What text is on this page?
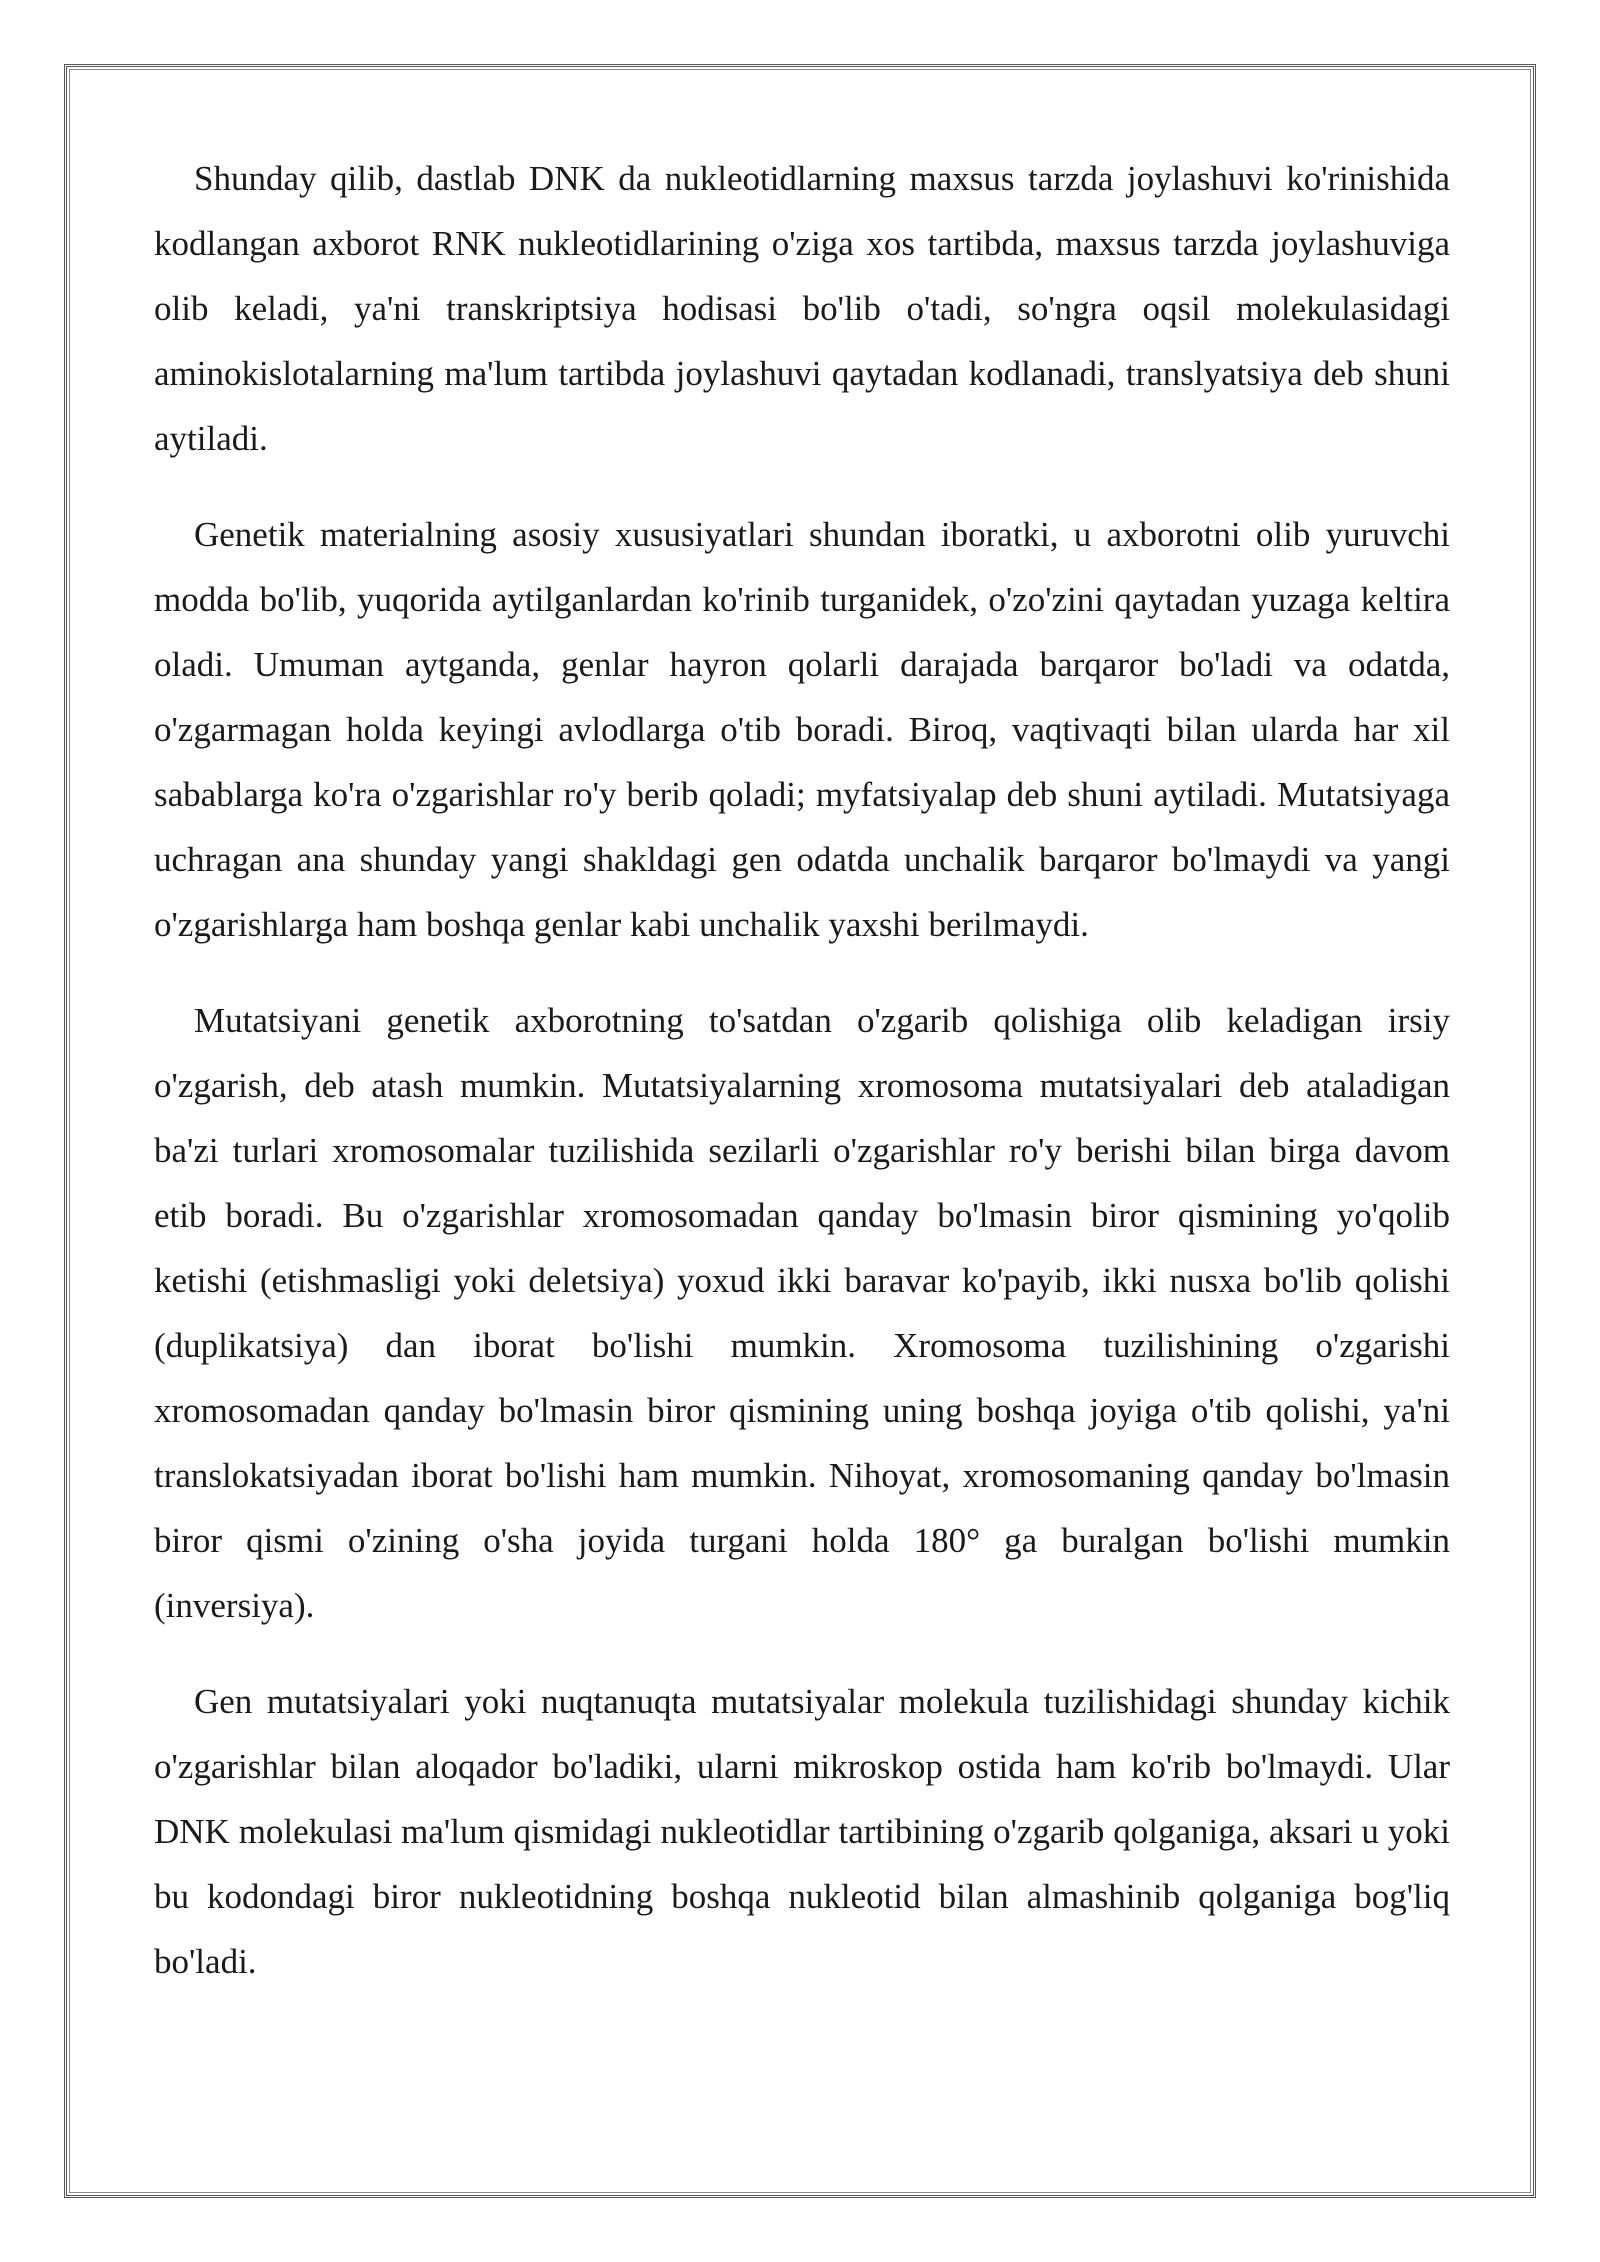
Shunday qilib, dastlab DNK da nukleotidlarning maxsus tarzda joylashuvi ko'rinishida kodlangan axborot RNK nukleotidlarining o'ziga xos tartibda, maxsus tarzda joylashuviga olib keladi, ya'ni transkriptsiya hodisasi bo'lib o'tadi, so'ngra oqsil molekulasidagi aminokislotalarning ma'lum tartibda joylashuvi qaytadan kodlanadi, translyatsiya deb shuni aytiladi.

Genetik materialning asosiy xususiyatlari shundan iboratki, u axborotni olib yuruvchi modda bo'lib, yuqorida aytilganlardan ko'rinib turganidek, o'zo'zini qaytadan yuzaga keltira oladi. Umuman aytganda, genlar hayron qolarli darajada barqaror bo'ladi va odatda, o'zgarmagan holda keyingi avlodlarga o'tib boradi. Biroq, vaqtivaqti bilan ularda har xil sabablarga ko'ra o'zgarishlar ro'y berib qoladi; myfatsiyalap deb shuni aytiladi. Mutatsiyaga uchragan ana shunday yangi shakldagi gen odatda unchalik barqaror bo'lmaydi va yangi o'zgarishlarga ham boshqa genlar kabi unchalik yaxshi berilmaydi.

Mutatsiyani genetik axborotning to'satdan o'zgarib qolishiga olib keladigan irsiy o'zgarish, deb atash mumkin. Mutatsiyalarning xromosoma mutatsiyalari deb ataladigan ba'zi turlari xromosomalar tuzilishida sezilarli o'zgarishlar ro'y berishi bilan birga davom etib boradi. Bu o'zgarishlar xromosomadan qanday bo'lmasin biror qismining yo'qolib ketishi (etishmasligi yoki deletsiya) yoxud ikki baravar ko'payib, ikki nusxa bo'lib qolishi (duplikatsiya) dan iborat bo'lishi mumkin. Xromosoma tuzilishining o'zgarishi xromosomadan qanday bo'lmasin biror qismining uning boshqa joyiga o'tib qolishi, ya'ni translokatsiyadan iborat bo'lishi ham mumkin. Nihoyat, xromosomaning qanday bo'lmasin biror qismi o'zining o'sha joyida turgani holda 180° ga buralgan bo'lishi mumkin (inversiya).

Gen mutatsiyalari yoki nuqtanuqta mutatsiyalar molekula tuzilishidagi shunday kichik o'zgarishlar bilan aloqador bo'ladiki, ularni mikroskop ostida ham ko'rib bo'lmaydi. Ular DNK molekulasi ma'lum qismidagi nukleotidlar tartibining o'zgarib qolganiga, aksari u yoki bu kodondagi biror nukleotidning boshqa nukleotid bilan almashinib qolganiga bog'liq bo'ladi.
